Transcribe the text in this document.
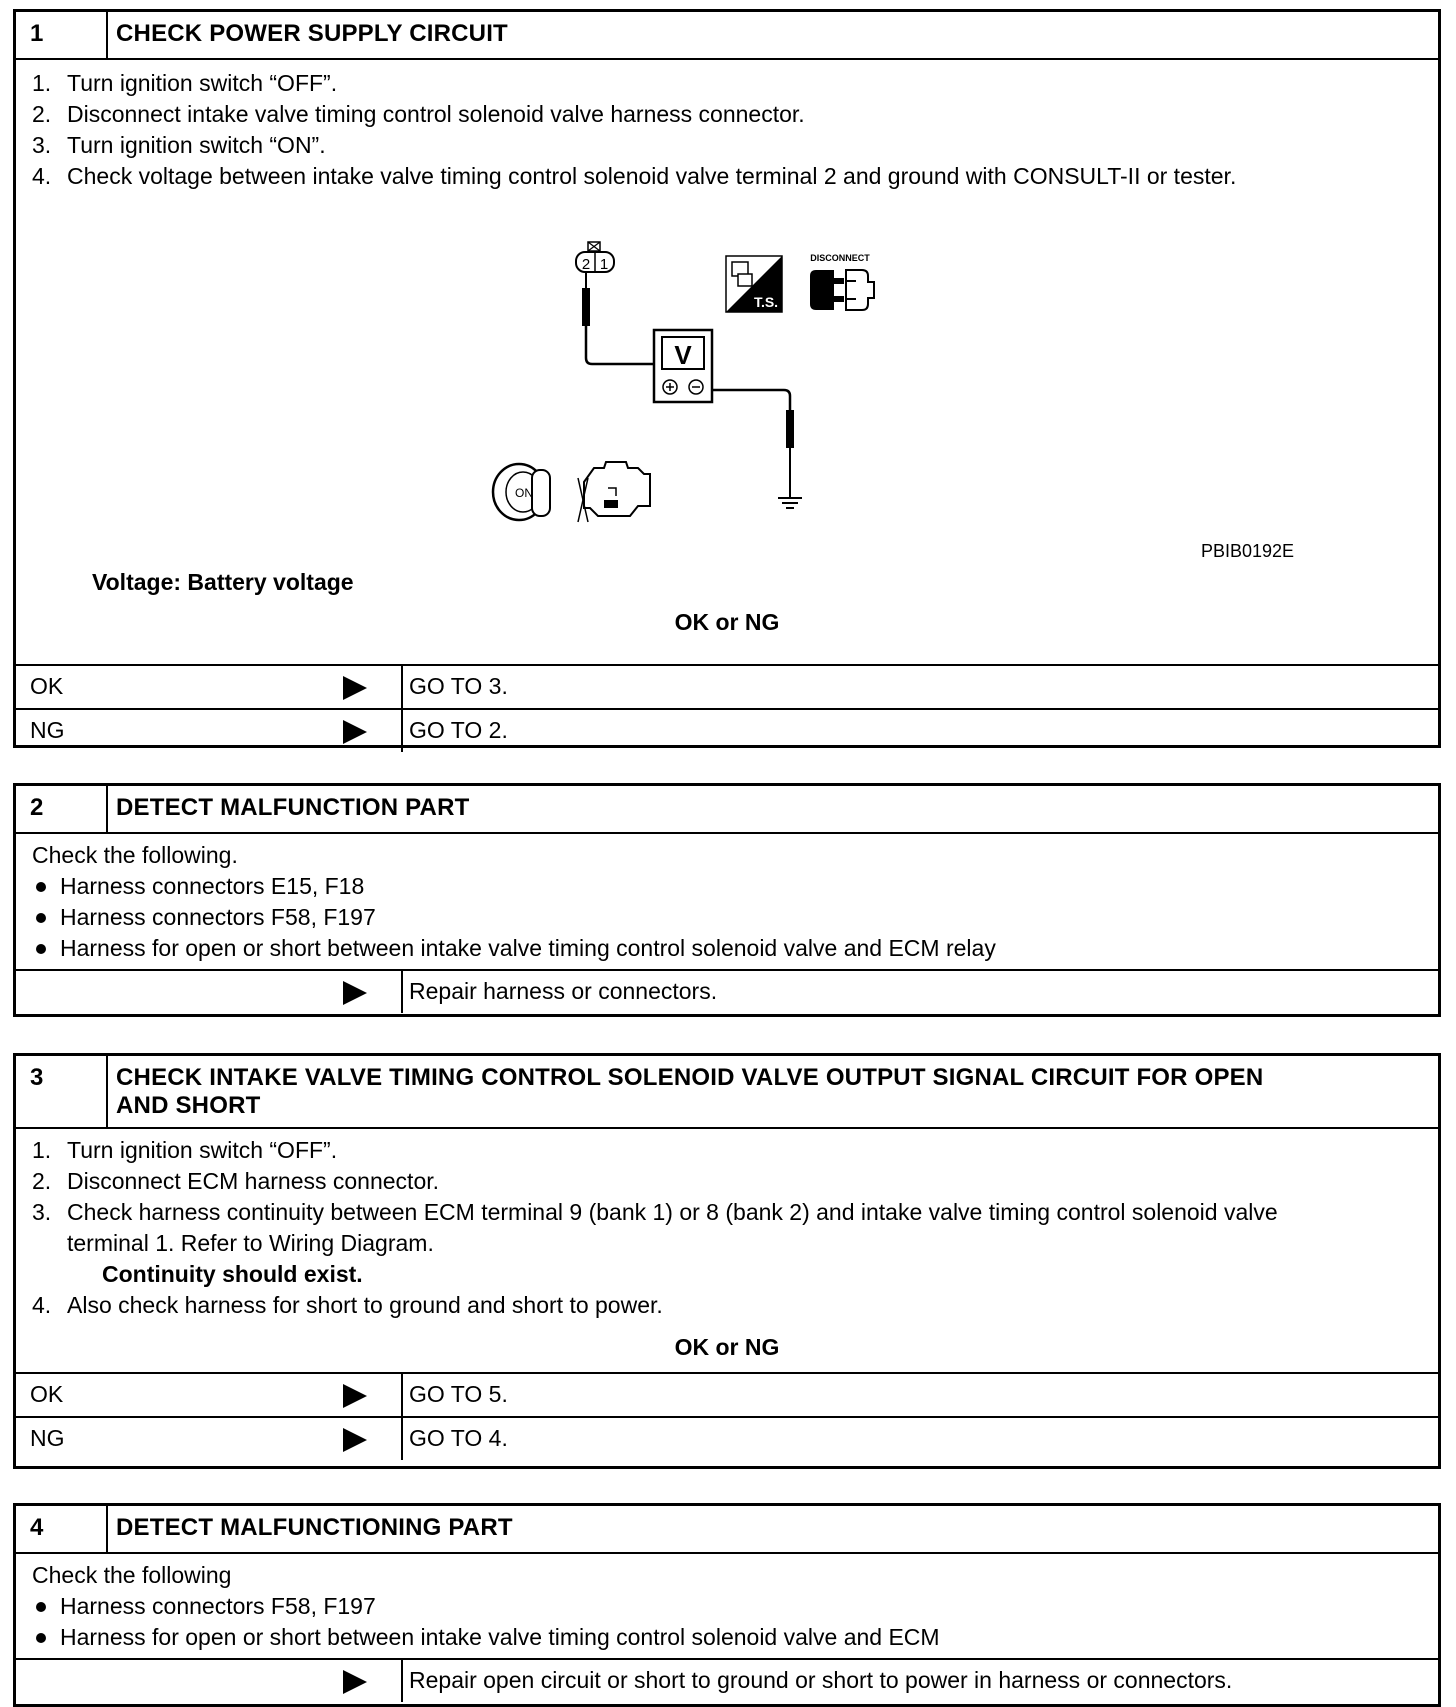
1	CHECK POWER SUPPLY CIRCUIT
1. Turn ignition switch “OFF”.
2. Disconnect intake valve timing control solenoid valve harness connector.
3. Turn ignition switch “ON”.
4. Check voltage between intake valve timing control solenoid valve terminal 2 and ground with CONSULT-II or tester.
2 1
V
T.S.
DISCONNECT
ON
PBIB0192E
Voltage: Battery voltage
OK or NG
OK	GO TO 3.
NG	GO TO 2.
2	DETECT MALFUNCTION PART
Check the following.
Harness connectors E15, F18
Harness connectors F58, F197
Harness for open or short between intake valve timing control solenoid valve and ECM relay
Repair harness or connectors.
3	CHECK INTAKE VALVE TIMING CONTROL SOLENOID VALVE OUTPUT SIGNAL CIRCUIT FOR OPEN
AND SHORT
1. Turn ignition switch “OFF”.
2. Disconnect ECM harness connector.
3. Check harness continuity between ECM terminal 9 (bank 1) or 8 (bank 2) and intake valve timing control solenoid valve
terminal 1. Refer to Wiring Diagram.
Continuity should exist.
4. Also check harness for short to ground and short to power.
OK or NG
OK	GO TO 5.
NG	GO TO 4.
4	DETECT MALFUNCTIONING PART
Check the following
Harness connectors F58, F197
Harness for open or short between intake valve timing control solenoid valve and ECM
Repair open circuit or short to ground or short to power in harness or connectors.
